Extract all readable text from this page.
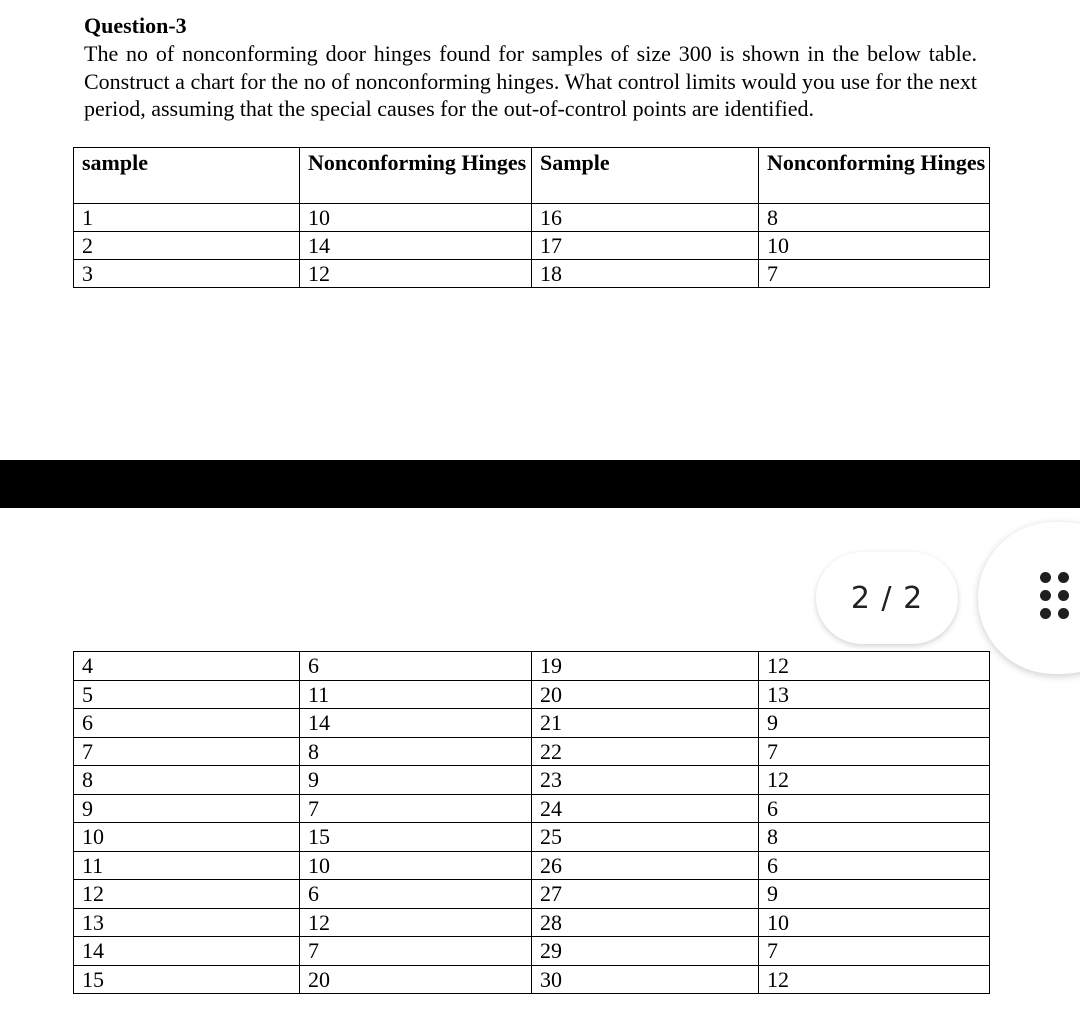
Question-3

The no of nonconforming door hinges found for samples of size 300 is shown in the below table. Construct a chart for the no of nonconforming hinges. What control limits would you use for the next period, assuming that the special causes for the out-of-control points are identified.

sample	Nonconforming Hinges	Sample	Nonconforming Hinges
1	10	16	8
2	14	17	10
3	12	18	7
4	6	19	12
5	11	20	13
6	14	21	9
7	8	22	7
8	9	23	12
9	7	24	6
10	15	25	8
11	10	26	6
12	6	27	9
13	12	28	10
14	7	29	7
15	20	30	12
2 / 2
